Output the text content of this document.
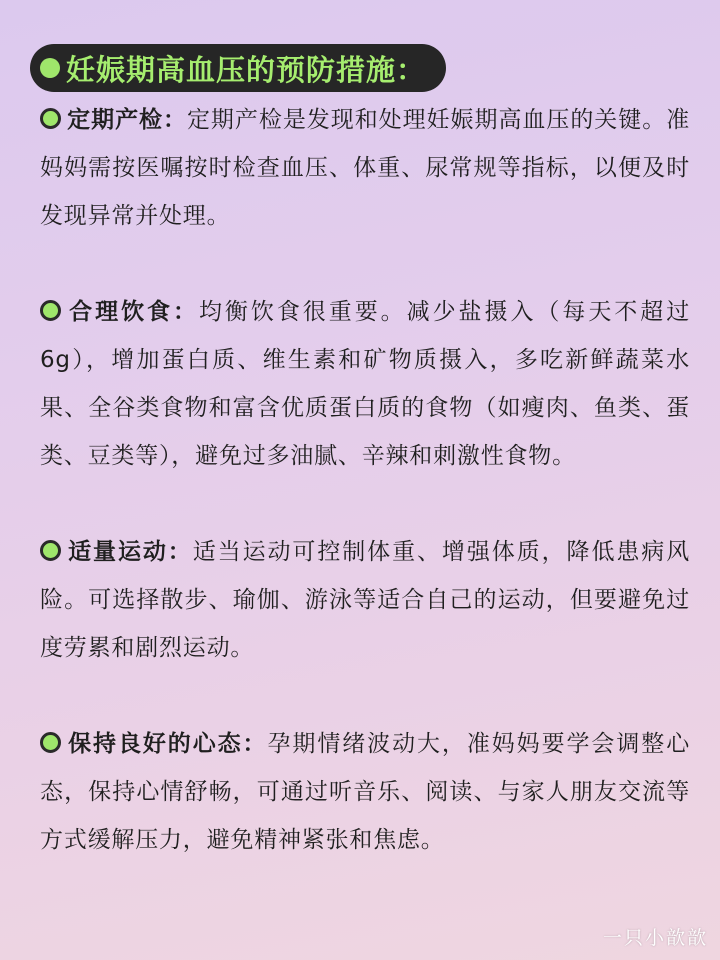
妊娠期高血压的预防措施：

定期产检：定期产检是发现和处理妊娠期高血压的关键。准妈妈需按医嘱按时检查血压、体重、尿常规等指标，以便及时发现异常并处理。

合理饮食：均衡饮食很重要。减少盐摄入（每天不超过6g），增加蛋白质、维生素和矿物质摄入，多吃新鲜蔬菜水果、全谷类食物和富含优质蛋白质的食物（如瘦肉、鱼类、蛋类、豆类等），避免过多油腻、辛辣和刺激性食物。

适量运动：适当运动可控制体重、增强体质，降低患病风险。可选择散步、瑜伽、游泳等适合自己的运动，但要避免过度劳累和剧烈运动。

保持良好的心态：孕期情绪波动大，准妈妈要学会调整心态，保持心情舒畅，可通过听音乐、阅读、与家人朋友交流等方式缓解压力，避免精神紧张和焦虑。

一只小歆歆
